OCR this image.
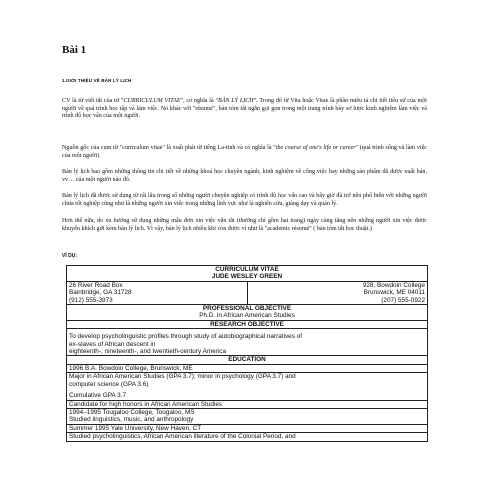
Bài 1
1.GIỚI THIỆU VỀ BẢN LÝ LỊCH

CV là từ viết tắt của từ "CURRICULUM VITAE", có nghĩa là "BẢN LÝ LỊCH". Trong đó từ Vita hoặc Vitae là phần miêu tả chi tiết tiểu sử của một người về quá trình học tập và làm việc. Nó khác với "résumé", bản tóm tắt ngắn gọi gọn trong một trang trình bày sơ lược kinh nghiệm làm việc và trình độ học vấn của một người.

Nguồn gốc của cụm từ "curriculum vitae" là xuất phát từ tiếng La-tinh và có nghĩa là "the course of one's life or career" (quá trình sống và làm việc của một người).

Bản lý lịch bao gồm những thông tin chi tiết về những khoá học chuyên ngành, kinh nghiệm về công việc hay những sản phẩm đã được xuất bản, vv… của một người nào đó.

Bản lý lịch đã được sử dụng từ rất lâu trong số những người chuyên nghiệp có trình độ học vấn cao và bây giờ đã trở nên phổ biến với những người chưa tốt nghiệp cũng như là những người xin việc trong những lĩnh vực như là nghiên cứu, giảng dạy và quản lý.

Hơn thế nữa, do xu hướng sử dụng những mẫu đơn xin việc vắn tắt (thường chỉ gồm hai trang) ngày càng tăng nên những người xin việc được khuyến khích gửi kèm bản lý lịch. Vì vậy, bản lý lịch nhiều khi còn được ví như là "academic résumé" ( bản tóm tắt học thuật.)

VÍ DỤ:
CURRICULUM VITAE
JUDE WESLEY GREEN

26 River Road Box
Bainbridge, GA 31728
(912) 555-3973

928, Bowdoin College
Brunswick, ME 04011
(207) 555-0922

PROFESSIONAL OBJECTIVE
Ph.D. in African American Studies

RESEARCH OBJECTIVE

To develop psycholinguistic profiles through study of autobiographical narratives of
ex-slaves of African descent in
eighteenth-, nineteenth-, and twentieth-century America

EDUCATION
1996 B.A. Bowdoin College, Brunswick, ME

Major in African American Studies (GPA 3.7); minor in psychology (GPA 3.7) and
computer science (GPA 3.6)
Cumulative GPA 3.7

Candidate for high honors in African American Studies

1994–1995 Tougaloo College, Tougaloo, MS
Studied linguistics, music, and anthropology

Summer 1995 Yale University, New Haven, CT
Studied psycholinguistics, African American literature of the Colonial Period, and
